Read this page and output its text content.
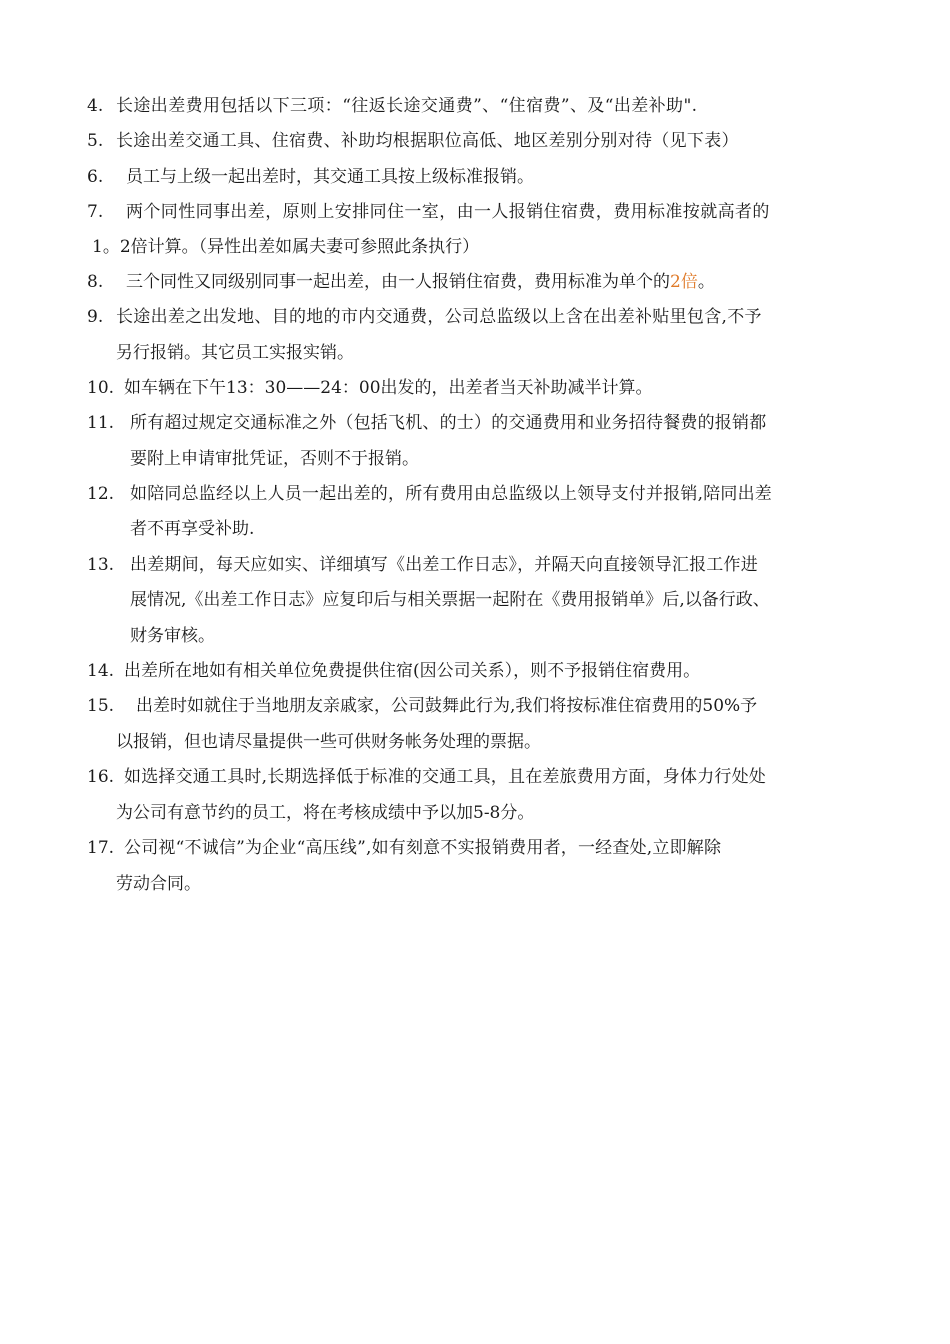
4. 长途出差费用包括以下三项：“往返长途交通费”、“住宿费”、及“出差补助".
5. 长途出差交通工具、住宿费、补助均根据职位高低、地区差别分别对待（见下表）
6. 员工与上级一起出差时，其交通工具按上级标准报销。
7. 两个同性同事出差，原则上安排同住一室，由一人报销住宿费，费用标准按就高者的
1。2倍计算。（异性出差如属夫妻可参照此条执行）
8. 三个同性又同级别同事一起出差，由一人报销住宿费，费用标准为单个的2倍。
9. 长途出差之出发地、目的地的市内交通费，公司总监级以上含在出差补贴里包含,不予
另行报销。其它员工实报实销。
10. 如车辆在下午13：30——24：00出发的，出差者当天补助减半计算。
11. 所有超过规定交通标准之外（包括飞机、的士）的交通费用和业务招待餐费的报销都
要附上申请审批凭证，否则不于报销。
12. 如陪同总监经以上人员一起出差的，所有费用由总监级以上领导支付并报销,陪同出差
者不再享受补助.
13. 出差期间，每天应如实、详细填写《出差工作日志》，并隔天向直接领导汇报工作进
展情况,《出差工作日志》应复印后与相关票据一起附在《费用报销单》后,以备行政、
财务审核。
14. 出差所在地如有相关单位免费提供住宿(因公司关系），则不予报销住宿费用。
15. 出差时如就住于当地朋友亲戚家，公司鼓舞此行为,我们将按标准住宿费用的50%予
以报销，但也请尽量提供一些可供财务帐务处理的票据。
16. 如选择交通工具时,长期选择低于标准的交通工具，且在差旅费用方面，身体力行处处
为公司有意节约的员工，将在考核成绩中予以加5-8分。
17. 公司视“不诚信”为企业“高压线”,如有刻意不实报销费用者，一经查处,立即解除
劳动合同。
